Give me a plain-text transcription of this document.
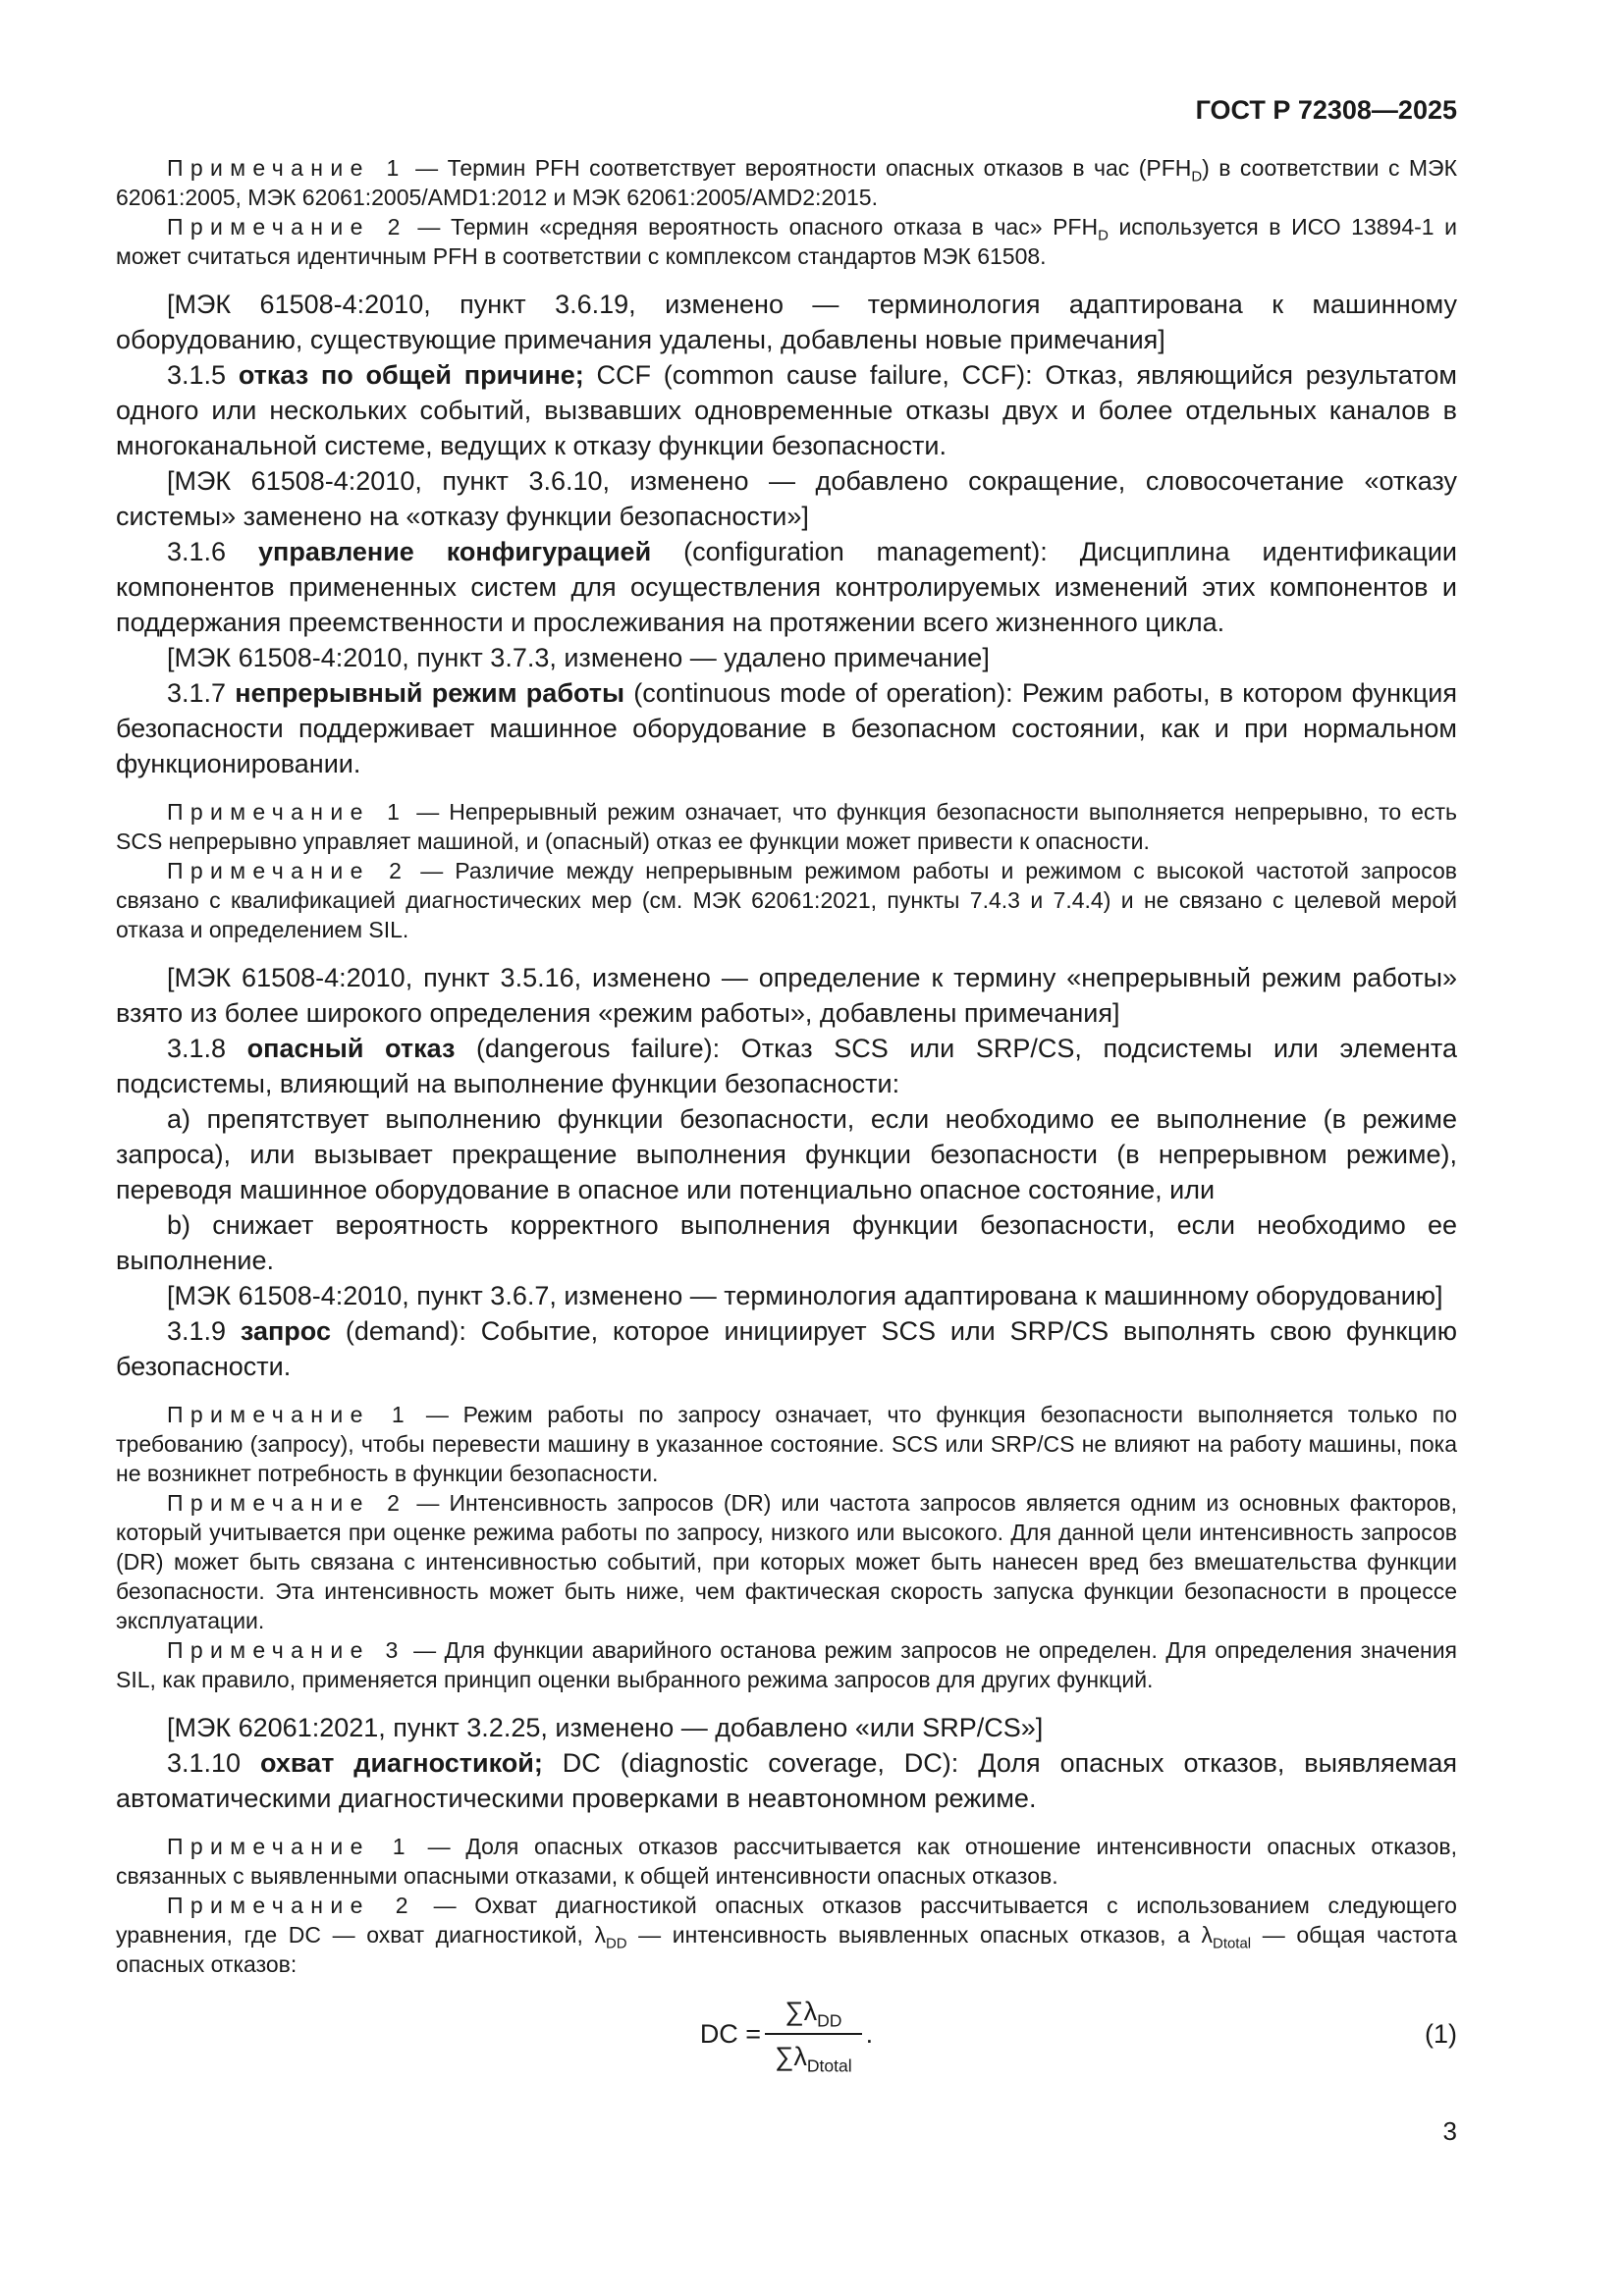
ГОСТ Р 72308—2025

Примечание 1 — Термин PFH соответствует вероятности опасных отказов в час $(PFH_D)$ в соответствии с МЭК 62061:2005, МЭК 62061:2005/AMD1:2012 и МЭК 62061:2005/AMD2:2015.

Примечание 2 — Термин «средняя вероятность опасного отказа в час» $PFH_D$ используется в ИСО 13894-1 и может считаться идентичным PFH в соответствии с комплексом стандартов МЭК 61508.

[МЭК 61508-4:2010, пункт 3.6.19, изменено — терминология адаптирована к машинному оборудованию, существующие примечания удалены, добавлены новые примечания]

3.1.5 отказ по общей причине; CCF (common cause failure, CCF): Отказ, являющийся результатом одного или нескольких событий, вызвавших одновременные отказы двух и более отдельных каналов в многоканальной системе, ведущих к отказу функции безопасности.

[МЭК 61508-4:2010, пункт 3.6.10, изменено — добавлено сокращение, словосочетание «отказу системы» заменено на «отказу функции безопасности»]

3.1.6 управление конфигурацией (configuration management): Дисциплина идентификации компонентов примененных систем для осуществления контролируемых изменений этих компонентов и поддержания преемственности и прослеживания на протяжении всего жизненного цикла.

[МЭК 61508-4:2010, пункт 3.7.3, изменено — удалено примечание]

3.1.7 непрерывный режим работы (continuous mode of operation): Режим работы, в котором функция безопасности поддерживает машинное оборудование в безопасном состоянии, как и при нормальном функционировании.

Примечание 1 — Непрерывный режим означает, что функция безопасности выполняется непрерывно, то есть SCS непрерывно управляет машиной, и (опасный) отказ ее функции может привести к опасности.

Примечание 2 — Различие между непрерывным режимом работы и режимом с высокой частотой запросов связано с квалификацией диагностических мер (см. МЭК 62061:2021, пункты 7.4.3 и 7.4.4) и не связано с целевой мерой отказа и определением SIL.

[МЭК 61508-4:2010, пункт 3.5.16, изменено — определение к термину «непрерывный режим работы» взято из более широкого определения «режим работы», добавлены примечания]

3.1.8 опасный отказ (dangerous failure): Отказ SCS или SRP/CS, подсистемы или элемента подсистемы, влияющий на выполнение функции безопасности:

a) препятствует выполнению функции безопасности, если необходимо ее выполнение (в режиме запроса), или вызывает прекращение выполнения функции безопасности (в непрерывном режиме), переводя машинное оборудование в опасное или потенциально опасное состояние, или

b) снижает вероятность корректного выполнения функции безопасности, если необходимо ее выполнение.

[МЭК 61508-4:2010, пункт 3.6.7, изменено — терминология адаптирована к машинному оборудованию]

3.1.9 запрос (demand): Событие, которое инициирует SCS или SRP/CS выполнять свою функцию безопасности.

Примечание 1 — Режим работы по запросу означает, что функция безопасности выполняется только по требованию (запросу), чтобы перевести машину в указанное состояние. SCS или SRP/CS не влияют на работу машины, пока не возникнет потребность в функции безопасности.

Примечание 2 — Интенсивность запросов (DR) или частота запросов является одним из основных факторов, который учитывается при оценке режима работы по запросу, низкого или высокого. Для данной цели интенсивность запросов (DR) может быть связана с интенсивностью событий, при которых может быть нанесен вред без вмешательства функции безопасности. Эта интенсивность может быть ниже, чем фактическая скорость запуска функции безопасности в процессе эксплуатации.

Примечание 3 — Для функции аварийного останова режим запросов не определен. Для определения значения SIL, как правило, применяется принцип оценки выбранного режима запросов для других функций.

[МЭК 62061:2021, пункт 3.2.25, изменено — добавлено «или SRP/CS»]

3.1.10 охват диагностикой; DC (diagnostic coverage, DC): Доля опасных отказов, выявляемая автоматическими диагностическими проверками в неавтономном режиме.

Примечание 1 — Доля опасных отказов рассчитывается как отношение интенсивности опасных отказов, связанных с выявленными опасными отказами, к общей интенсивности опасных отказов.

Примечание 2 — Охват диагностикой опасных отказов рассчитывается с использованием следующего уравнения, где DC — охват диагностикой, $\lambda_{DD}$ — интенсивность выявленных опасных отказов, а $\lambda_{Dtotal}$ — общая частота опасных отказов:

DC = $\frac{\sum\lambda_{DD}}{\sum\lambda_{Dtotal}}$ .	(1)
3
